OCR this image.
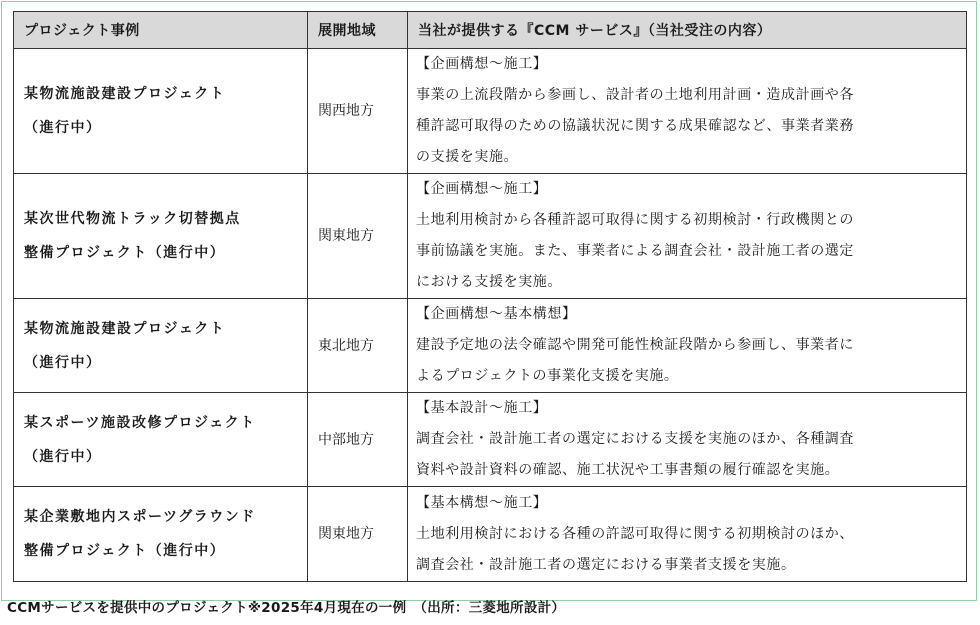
プロジェクト事例	展開地域	当社が提供する『CCM サービス』（当社受注の内容）

某物流施設建設プロジェクト
（進行中）	関西地方	【企画構想～施工】
事業の上流段階から参画し、設計者の土地利用計画・造成計画や各
種許認可取得のための協議状況に関する成果確認など、事業者業務
の支援を実施。

某次世代物流トラック切替拠点
整備プロジェクト（進行中）	関東地方	【企画構想～施工】
土地利用検討から各種許認可取得に関する初期検討・行政機関との
事前協議を実施。また、事業者による調査会社・設計施工者の選定
における支援を実施。

某物流施設建設プロジェクト
（進行中）	東北地方	【企画構想～基本構想】
建設予定地の法令確認や開発可能性検証段階から参画し、事業者に
よるプロジェクトの事業化支援を実施。

某スポーツ施設改修プロジェクト
（進行中）	中部地方	【基本設計～施工】
調査会社・設計施工者の選定における支援を実施のほか、各種調査
資料や設計資料の確認、施工状況や工事書類の履行確認を実施。

某企業敷地内スポーツグラウンド
整備プロジェクト（進行中）	関東地方	【基本構想～施工】
土地利用検討における各種の許認可取得に関する初期検討のほか、
調査会社・設計施工者の選定における事業者支援を実施。
CCMサービスを提供中のプロジェクト※2025年4月現在の一例　（出所：三菱地所設計）
